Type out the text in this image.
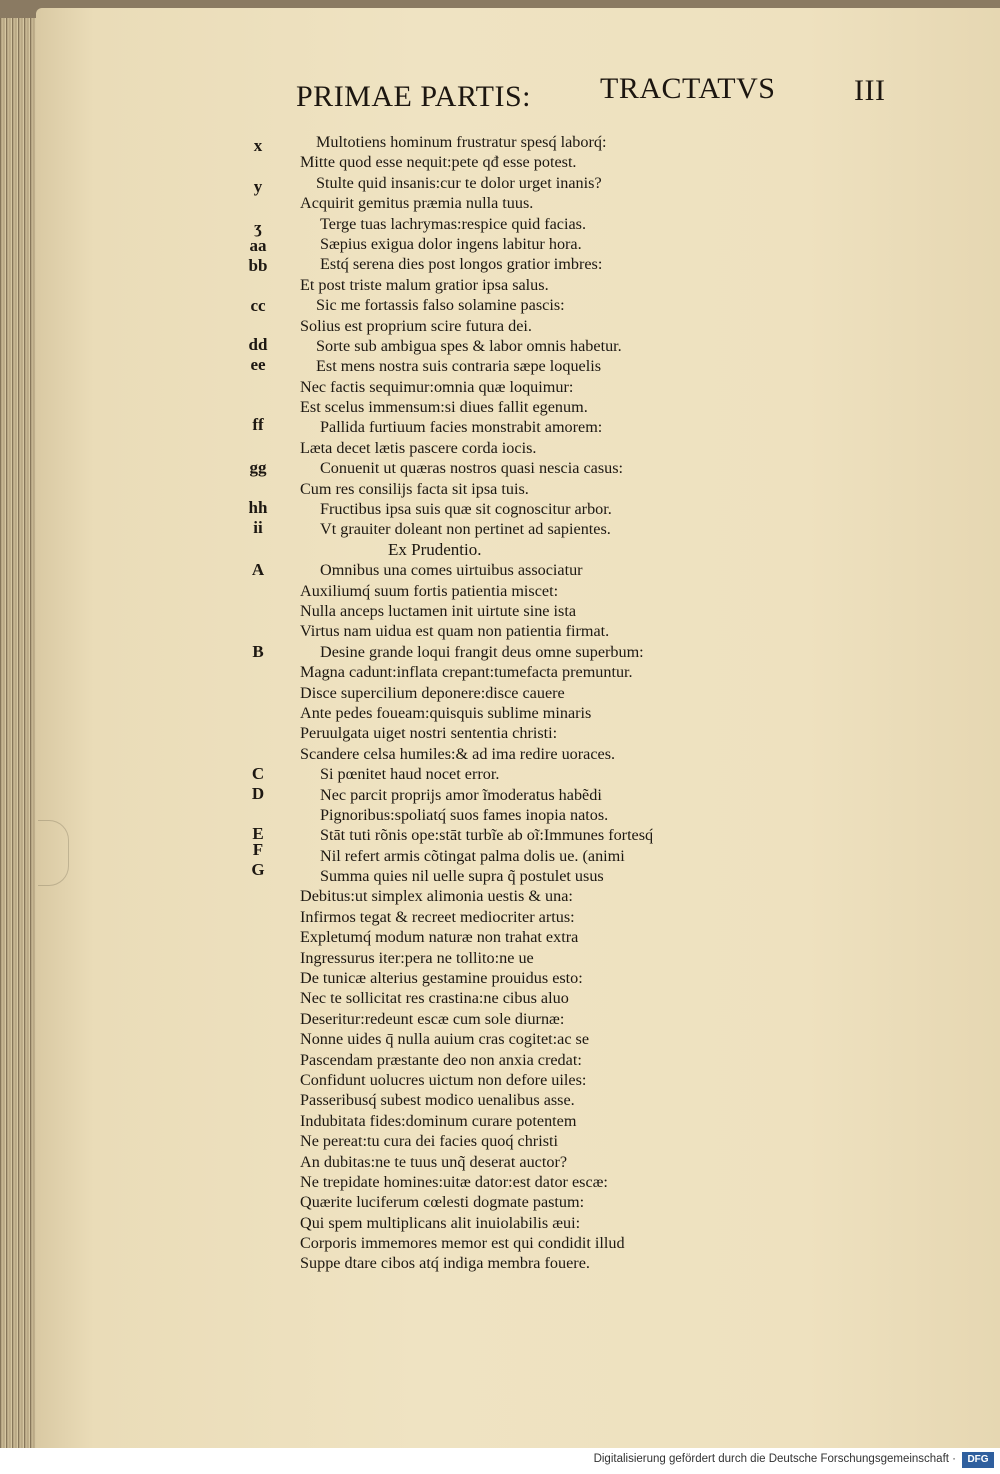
PRIMAE PARTIS: TRACTATVS	III
x
y
ʒ
aa
bb
cc
dd
ee
ff
gg
hh
ii
A
B
C
D
E
F
G
Multotiens hominum frustratur spesq́ laborq́:
Mitte quod esse nequit:pete qđ esse potest.
Stulte quid insanis:cur te dolor urget inanis?
Acquirit gemitus præmia nulla tuus.
Terge tuas lachrymas:respice quid facias.
Sæpius exigua dolor ingens labitur hora.
Estq́ serena dies post longos gratior imbres:
Et post triste malum gratior ipsa salus.
Sic me fortassis falso solamine pascis:
Solius est proprium scire futura dei.
Sorte sub ambigua spes & labor omnis habetur.
Est mens nostra suis contraria sæpe loquelis
Nec factis sequimur:omnia quæ loquimur:
Est scelus immensum:si diues fallit egenum.
Pallida furtiuum facies monstrabit amorem:
Læta decet lætis pascere corda iocis.
Conuenit ut quæras nostros quasi nescia casus:
Cum res consilijs facta sit ipsa tuis.
Fructibus ipsa suis quæ sit cognoscitur arbor.
Vt grauiter doleant non pertinet ad sapientes.
Ex Prudentio.
Omnibus una comes uirtuibus associatur
Auxiliumq́ suum fortis patientia miscet:
Nulla anceps luctamen init uirtute sine ista
Virtus nam uidua est quam non patientia firmat.
Desine grande loqui frangit deus omne superbum:
Magna cadunt:inflata crepant:tumefacta premuntur.
Disce supercilium deponere:disce cauere
Ante pedes foueam:quisquis sublime minaris
Peruulgata uiget nostri sententia christi:
Scandere celsa humiles:& ad ima redire uoraces.
Si pœnitet haud nocet error.
Nec parcit proprijs amor ĩmoderatus habẽdi
Pignoribus:spoliatq́ suos fames inopia natos.
Stāt tuti rõnis ope:stāt turbĩe ab oĩ:Immunes fortesq́
Nil refert armis cõtingat palma dolis ue. (animi
Summa quies nil uelle supra q̃ postulet usus
Debitus:ut simplex alimonia uestis & una:
Infirmos tegat & recreet mediocriter artus:
Expletumq́ modum naturæ non trahat extra
Ingressurus iter:pera ne tollito:ne ue
De tunicæ alterius gestamine prouidus esto:
Nec te sollicitat res crastina:ne cibus aluo
Deseritur:redeunt escæ cum sole diurnæ:
Nonne uides q̄ nulla auium cras cogitet:ac se
Pascendam præstante deo non anxia credat:
Confidunt uolucres uictum non defore uiles:
Passeribusq́ subest modico uenalibus asse.
Indubitata fides:dominum curare potentem
Ne pereat:tu cura dei facies quoq́ christi
An dubitas:ne te tuus unq̃ deserat auctor?
Ne trepidate homines:uitæ dator:est dator escæ:
Quærite luciferum cœlesti dogmate pastum:
Qui spem multiplicans alit inuiolabilis æui:
Corporis immemores memor est qui condidit illud
Suppe dtare cibos atq́ indiga membra fouere.
Digitalisierung gefördert durch die Deutsche Forschungsgemeinschaft ·	DFG
